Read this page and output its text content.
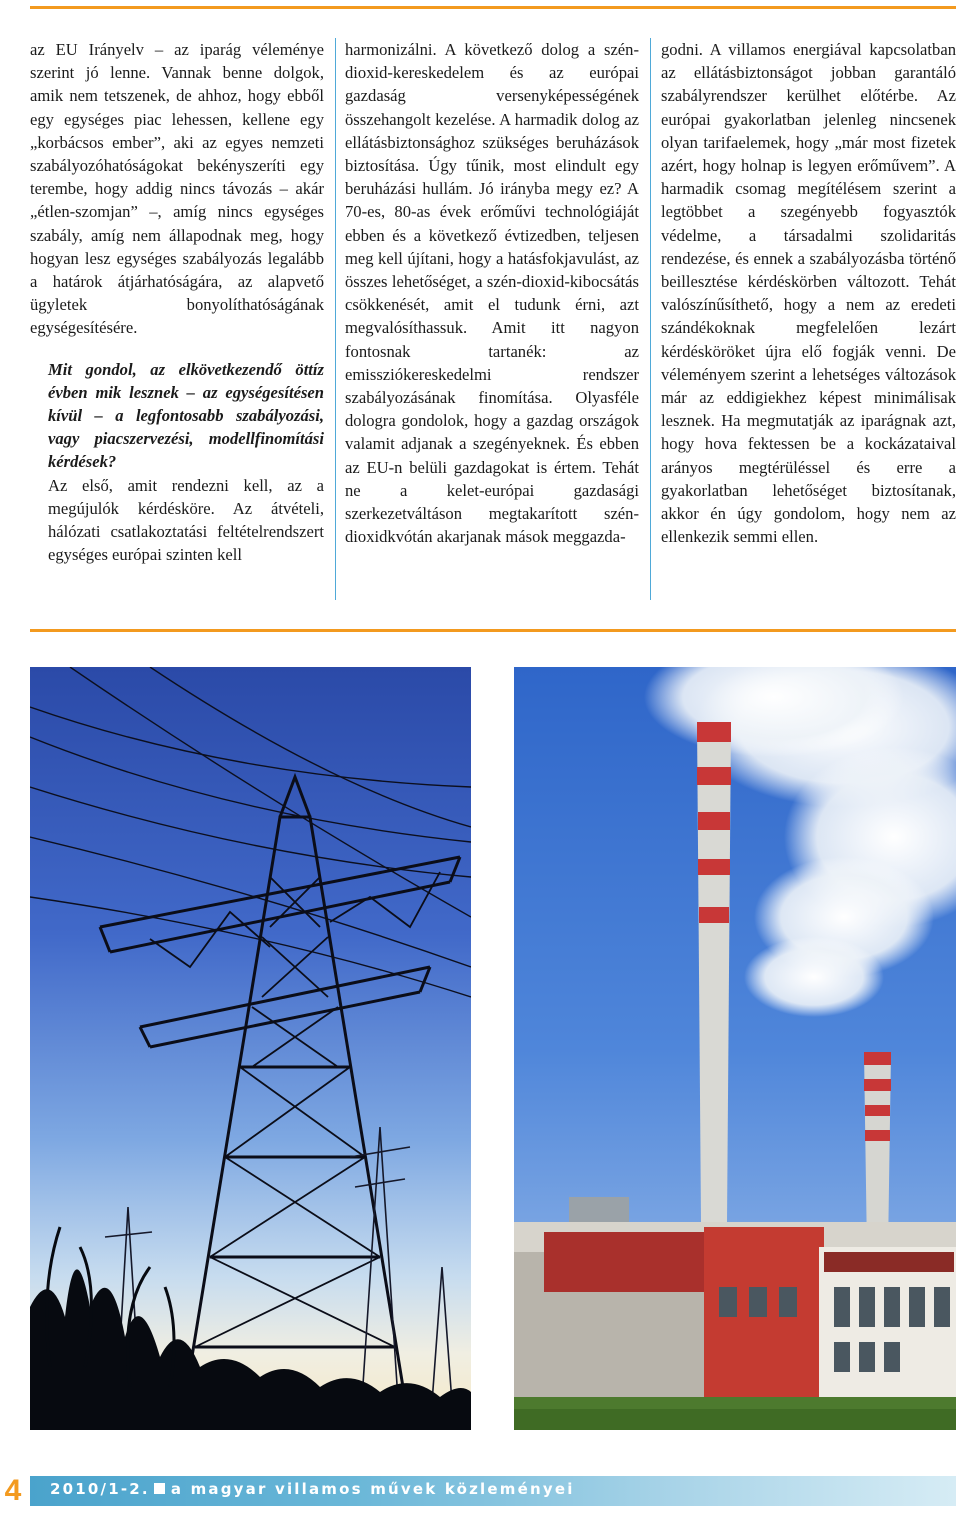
az EU Irányelv – az iparág véleménye szerint jó lenne. Vannak benne dolgok, amik nem tetszenek, de ahhoz, hogy ebből egy egységes piac lehessen, kellene egy „korbácsos ember”, aki az egyes nemzeti szabályozóhatóságokat bekényszeríti egy terembe, hogy addig nincs távozás – akár „étlen-szomjan” –, amíg nincs egységes szabály, amíg nem állapodnak meg, hogy hogyan lesz egységes szabályozás legalább a határok átjárhatóságára, az alapvető ügyletek bonyolíthatóságának egységesítésére.

Mit gondol, az elkövetkezendő öttíz évben mik lesznek – az egységesítésen kívül – a legfontosabb szabályozási, vagy piacszervezési, modellfinomítási kérdések?

Az első, amit rendezni kell, az a megújulók kérdésköre. Az átvételi, hálózati csatlakoztatási feltételrendszert egységes európai szinten kell

harmonizálni. A következő dolog a szén-dioxid-kereskedelem és az európai gazdaság versenyképességének összehangolt kezelése. A harmadik dolog az ellátásbiztonsághoz szükséges beruházások biztosítása. Úgy tűnik, most elindult egy beruházási hullám. Jó irányba megy ez? A 70-es, 80-as évek erőművi technológiáját ebben és a következő évtizedben, teljesen meg kell újítani, hogy a hatásfokjavulást, az összes lehetőséget, a szén-dioxid-kibocsátás csökkenését, amit el tudunk érni, azt megvalósíthassuk. Amit itt nagyon fontosnak tartanék: az emissziókereskedelmi rendszer szabályozásának finomítása. Olyasféle dologra gondolok, hogy a gazdag országok valamit adjanak a szegényeknek. És ebben az EU-n belüli gazdagokat is értem. Tehát ne a kelet-európai gazdasági szerkezetváltáson megtakarított szén-dioxidkvótán akarjanak mások meggazda-

godni. A villamos energiával kapcsolatban az ellátásbiztonságot jobban garantáló szabályrendszer kerülhet előtérbe. Az európai gyakorlatban jelenleg nincsenek olyan tarifaelemek, hogy „már most fizetek azért, hogy holnap is legyen erőművem”. A harmadik csomag megítélésem szerint a legtöbbet a szegényebb fogyasztók védelme, a társadalmi szolidaritás rendezése, és ennek a szabályozásba történő beillesztése kérdéskörben változott. Tehát valószínűsíthető, hogy a nem az eredeti szándékoknak megfelelően lezárt kérdésköröket újra elő fogják venni. De véleményem szerint a lehetséges változások már az eddigiekhez képest minimálisak lesznek. Ha megmutatják az iparágnak azt, hogy hova fektessen be a kockázataival arányos megtérüléssel és erre a gyakorlatban lehetőséget biztosítanak, akkor én úgy gondolom, hogy nem az ellenkezik semmi ellen.

4	2010/1-2. a magyar villamos művek közleményei
